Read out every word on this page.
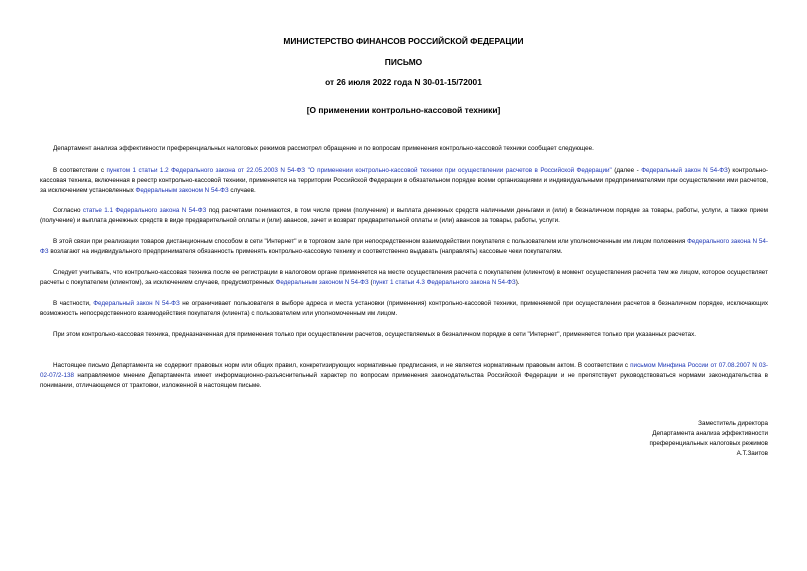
МИНИСТЕРСТВО ФИНАНСОВ РОССИЙСКОЙ ФЕДЕРАЦИИ
ПИСЬМО
от 26 июля 2022 года N 30-01-15/72001
[О применении контрольно-кассовой техники]

Департамент анализа эффективности преференциальных налоговых режимов рассмотрел обращение и по вопросам применения контрольно-кассовой техники сообщает следующее.

В соответствии с пунктом 1 статьи 1.2 Федерального закона от 22.05.2003 N 54-ФЗ "О применении контрольно-кассовой техники при осуществлении расчетов в Российской Федерации" (далее - Федеральный закон N 54-ФЗ) контрольно-кассовая техника, включенная в реестр контрольно-кассовой техники, применяется на территории Российской Федерации в обязательном порядке всеми организациями и индивидуальными предпринимателями при осуществлении ими расчетов, за исключением установленных Федеральным законом N 54-ФЗ случаев.

Согласно статье 1.1 Федерального закона N 54-ФЗ под расчетами понимаются, в том числе прием (получение) и выплата денежных средств наличными деньгами и (или) в безналичном порядке за товары, работы, услуги, а также прием (получение) и выплата денежных средств в виде предварительной оплаты и (или) авансов, зачет и возврат предварительной оплаты и (или) авансов за товары, работы, услуги.

В этой связи при реализации товаров дистанционным способом в сети "Интернет" и в торговом зале при непосредственном взаимодействии покупателя с пользователем или уполномоченным им лицом положения Федерального закона N 54-ФЗ возлагают на индивидуального предпринимателя обязанность применять контрольно-кассовую технику и соответственно выдавать (направлять) кассовые чеки покупателям.

Следует учитывать, что контрольно-кассовая техника после ее регистрации в налоговом органе применяется на месте осуществления расчета с покупателем (клиентом) в момент осуществления расчета тем же лицом, которое осуществляет расчеты с покупателем (клиентом), за исключением случаев, предусмотренных Федеральным законом N 54-ФЗ (пункт 1 статьи 4.3 Федерального закона N 54-ФЗ).

В частности, Федеральный закон N 54-ФЗ не ограничивает пользователя в выборе адреса и места установки (применения) контрольно-кассовой техники, применяемой при осуществлении расчетов в безналичном порядке, исключающих возможность непосредственного взаимодействия покупателя (клиента) с пользователем или уполномоченным им лицом.

При этом контрольно-кассовая техника, предназначенная для применения только при осуществлении расчетов, осуществляемых в безналичном порядке в сети "Интернет", применяется только при указанных расчетах.

Настоящее письмо Департамента не содержит правовых норм или общих правил, конкретизирующих нормативные предписания, и не является нормативным правовым актом. В соответствии с письмом Минфина России от 07.08.2007 N 03-02-07/2-138 направляемое мнение Департамента имеет информационно-разъяснительный характер по вопросам применения законодательства Российской Федерации и не препятствует руководствоваться нормами законодательства в понимании, отличающемся от трактовки, изложенной в настоящем письме.

Заместитель директора
Департамента анализа эффективности
преференциальных налоговых режимов
А.Т.Заитов
